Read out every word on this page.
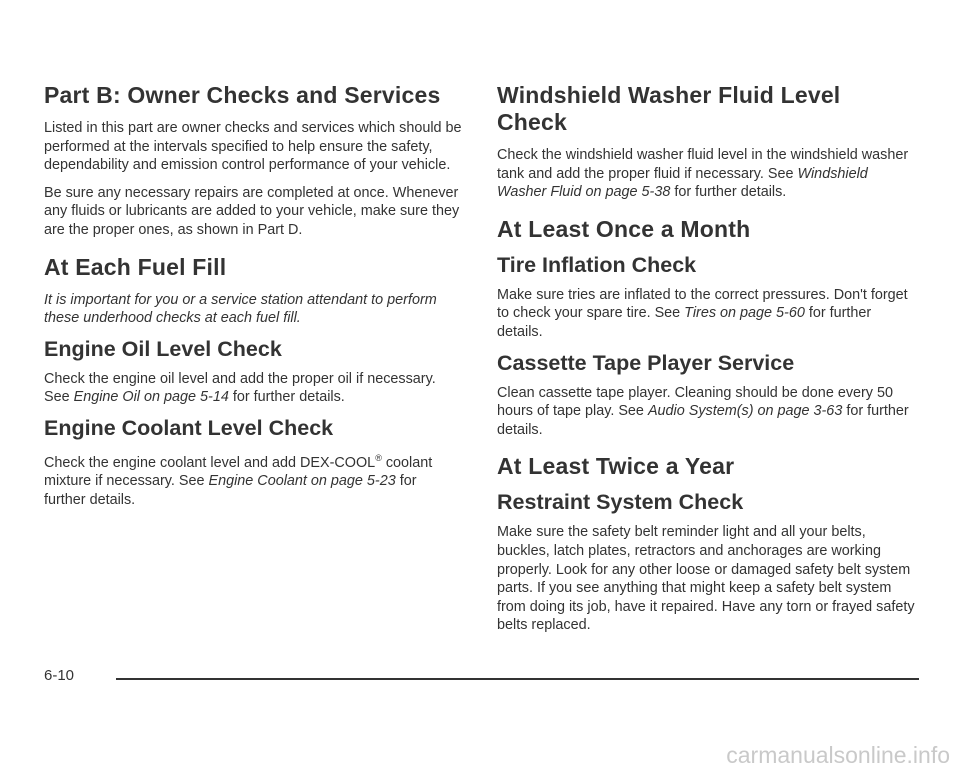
Part B: Owner Checks and Services

Listed in this part are owner checks and services which should be performed at the intervals specified to help ensure the safety, dependability and emission control performance of your vehicle.

Be sure any necessary repairs are completed at once. Whenever any fluids or lubricants are added to your vehicle, make sure they are the proper ones, as shown in Part D.

At Each Fuel Fill

It is important for you or a service station attendant to perform these underhood checks at each fuel fill.

Engine Oil Level Check

Check the engine oil level and add the proper oil if necessary. See Engine Oil on page 5-14 for further details.

Engine Coolant Level Check

Check the engine coolant level and add DEX-COOL® coolant mixture if necessary. See Engine Coolant on page 5-23 for further details.

Windshield Washer Fluid Level Check

Check the windshield washer fluid level in the windshield washer tank and add the proper fluid if necessary. See Windshield Washer Fluid on page 5-38 for further details.

At Least Once a Month
Tire Inflation Check

Make sure tries are inflated to the correct pressures. Don't forget to check your spare tire. See Tires on page 5-60 for further details.

Cassette Tape Player Service

Clean cassette tape player. Cleaning should be done every 50 hours of tape play. See Audio System(s) on page 3-63 for further details.

At Least Twice a Year
Restraint System Check

Make sure the safety belt reminder light and all your belts, buckles, latch plates, retractors and anchorages are working properly. Look for any other loose or damaged safety belt system parts. If you see anything that might keep a safety belt system from doing its job, have it repaired. Have any torn or frayed safety belts replaced.

6-10
carmanualsonline.info
